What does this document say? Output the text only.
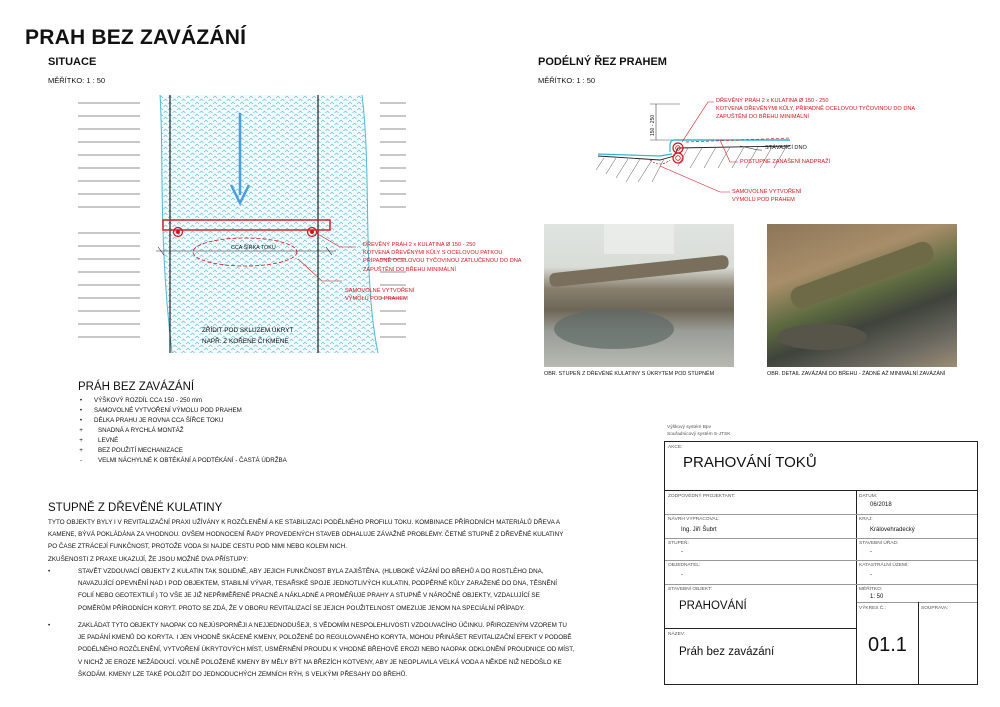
PRAH BEZ ZAVÁZÁNÍ
SITUACE
MĚŘÍTKO: 1 : 50
CCA ŠÍŘKA TOKU	DŘEVĚNÝ PRÁH 2 x KULATINA Ø 150 - 250
KOTVENÁ DŘEVĚNÝMI KŮLY S OCELOVOU PATKOU
PŘÍPADNĚ OCELOVOU TYČOVINOU ZATLUČENOU DO DNA
ZAPUŠTĚNÍ DO BŘEHU MINIMÁLNÍ
SAMOVOLNÉ VYTVOŘENÍ
VÝMOLU POD PRAHEM
ZŘÍDIT POD SKLUZEM ÚKRYT
NAPŘ. Z KOŘENE ČI KMENE
PODÉLNÝ ŘEZ PRAHEM
MĚŘÍTKO: 1 : 50
150 - 250
DŘEVĚNÝ PRÁH 2 x KULATINA Ø 150 - 250
KOTVENÁ DŘEVĚNÝMI KŮLY, PŘÍPADNĚ OCELOVOU TYČOVINOU DO DNA
ZAPUŠTĚNÍ DO BŘEHU MINIMÁLNÍ
STÁVAJÍCÍ DNO
POSTUPNÉ ZANÁŠENÍ NADPRAŽÍ
SAMOVOLNÉ VYTVOŘENÍ
VÝMOLU POD PRAHEM
OBR. STUPEŇ Z DŘEVĚNÉ KULATINY S ÚKRYTEM POD STUPNĚM	OBR. DETAIL ZAVÁZÁNÍ DO BŘEHU - ŽÁDNÉ AŽ MINIMÁLNÍ ZAVÁZÁNÍ
PRÁH BEZ ZAVÁZÁNÍ
•	VÝŠKOVÝ ROZDÍL CCA 150 - 250 mm
•	SAMOVOLNÉ VYTVOŘENÍ VÝMOLU POD PRAHEM
•	DÉLKA PRAHU JE ROVNA CCA ŠÍŘCE TOKU
+	SNADNÁ A RYCHLÁ MONTÁŽ
+	LEVNÉ
+	BEZ POUŽITÍ MECHANIZACE
-	VELMI NÁCHYLNÉ K OBTÉKÁNÍ A PODTÉKÁNÍ - ČASTÁ ÚDRŽBA
STUPNĚ Z DŘEVĚNÉ KULATINY
TYTO OBJEKTY BYLY I V REVITALIZAČNÍ PRAXI UŽÍVÁNY K ROZČLENĚNÍ A KE STABILIZACI PODÉLNÉHO PROFILU TOKU. KOMBINACE PŘÍRODNÍCH MATERIÁLŮ DŘEVA A
KAMENE, BÝVÁ POKLÁDÁNA ZA VHODNOU. OVŠEM HODNOCENÍ ŘADY PROVEDENÝCH STAVEB ODHALUJE ZÁVAŽNÉ PROBLÉMY. ČETNÉ STUPNĚ Z DŘEVĚNÉ KULATINY
PO ČASE ZTRÁCEJÍ FUNKČNOST, PROTOŽE VODA SI NAJDE CESTU POD NIMI NEBO KOLEM NICH.
ZKUŠENOSTI Z PRAXE UKAZUJÍ, ŽE JSOU MOŽNÉ DVA PŘÍSTUPY:
•	STAVĚT VZDOUVACÍ OBJEKTY Z KULATIN TAK SOLIDNĚ, ABY JEJICH FUNKČNOST BYLA ZAJIŠTĚNA. (HLUBOKÉ VÁZÁNÍ DO BŘEHŮ A DO ROSTLÉHO DNA,
NAVAZUJÍCÍ OPEVNĚNÍ NAD I POD OBJEKTEM, STABILNÍ VÝVAR, TESAŘSKÉ SPOJE JEDNOTLIVÝCH KULATIN, PODPĚRNÉ KŮLY ZARAŽENÉ DO DNA, TĚSNĚNÍ
FOLIÍ NEBO GEOTEXTILIÍ ) TO VŠE JE JIŽ NEPŘIMĚŘENĚ PRACNÉ A NÁKLADNÉ A PROMĚŇUJE PRAHY A STUPNĚ V NÁROČNÉ OBJEKTY, VZDALUJÍCÍ SE
POMĚRŮM PŘÍRODNÍCH KORYT. PROTO SE ZDÁ, ŽE V OBORU REVITALIZACÍ SE JEJICH POUŽITELNOST OMEZUJE JENOM NA SPECIÁLNÍ PŘÍPADY.
•	ZAKLÁDAT TYTO OBJEKTY NAOPAK CO NEJÚSPORNĚJI A NEJJEDNODUŠEJI, S VĚDOMÍM NESPOLEHLIVOSTI VZDOUVACÍHO ÚČINKU. PŘIROZENÝM VZOREM TU
JE PADÁNÍ KMENŮ DO KORYTA. I JEN VHODNĚ SKÁCENÉ KMENY, POLOŽENÉ DO REGULOVANÉHO KORYTA, MOHOU PŘINÁŠET REVITALIZAČNÍ EFEKT V PODOBĚ
PODÉLNÉHO ROZČLENĚNÍ, VYTVOŘENÍ ÚKRYTOVÝCH MÍST, USMĚRNĚNÍ PROUDU K VHODNÉ BŘEHOVÉ EROZI NEBO NAOPAK ODKLONĚNÍ PROUDNICE OD MÍST,
V NICHŽ JE EROZE NEŽÁDOUCÍ. VOLNĚ POLOŽENÉ KMENY BY MĚLY BÝT NA BŘEZÍCH KOTVENY, ABY JE NEOPLAVILA VELKÁ VODA A NĚKDE NIŽ NEDOŠLO KE
ŠKODÁM. KMENY LZE TAKÉ POLOŽIT DO JEDNODUCHÝCH ZEMNÍCH RÝH, S VELKÝMI PŘESAHY DO BŘEHŮ.
Výškový systém Bpv
Souřadnicový systém S-JTSK
AKCE:
PRAHOVÁNÍ TOKŮ
ZODPOVĚDNÝ PROJEKTANT:	DATUM:
06/2018
NÁVRH VYPRACOVAL:
Ing. Jiří Šubrt
KRAJ:
Královehradecký
STUPEŇ:
-
STAVEBNÍ ÚŘAD:
-
OBJEDNATEL:
-
KATASTRÁLNÍ ÚZEMÍ:
-
STAVEBNÍ OBJEKT:
PRAHOVÁNÍ
MĚŘÍTKO:
1: 50
VÝKRES Č.:	SOUPRAVA:
01.1
NÁZEV:
Práh bez zavázání
